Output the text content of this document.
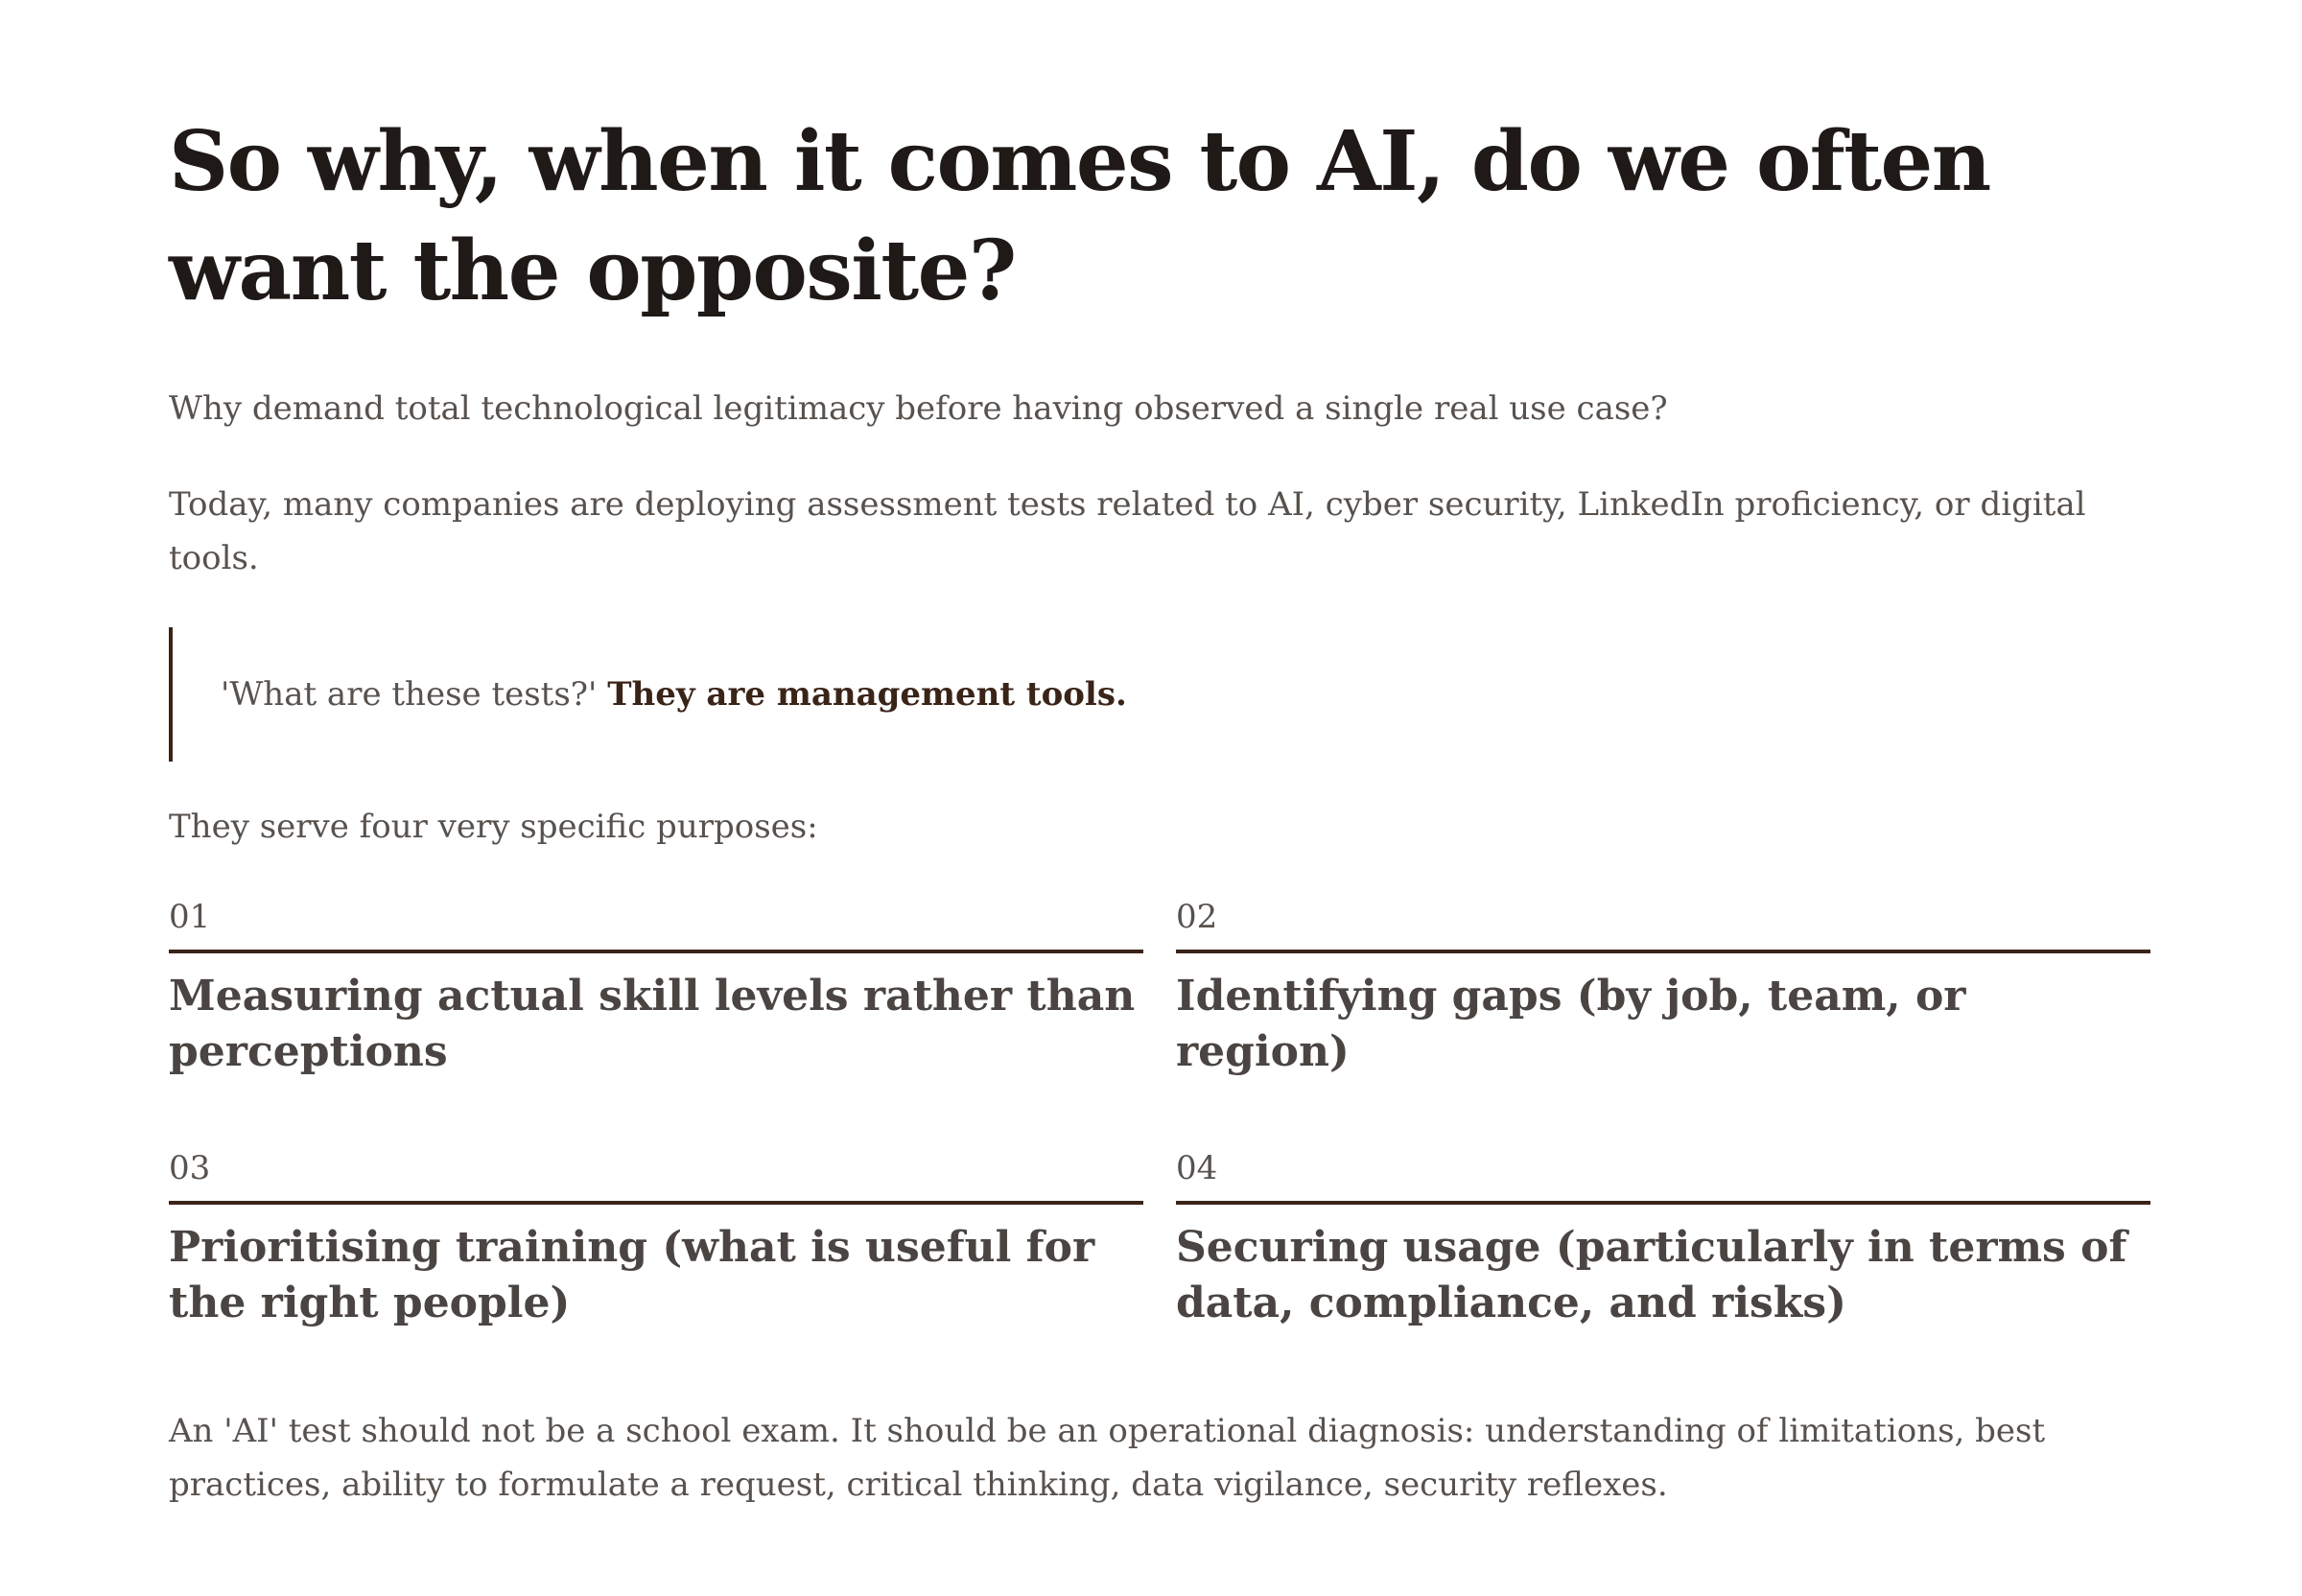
So why, when it comes to AI, do we often want the opposite?

Why demand total technological legitimacy before having observed a single real use case?

Today, many companies are deploying assessment tests related to AI, cyber security, LinkedIn proficiency, or digital tools.

'What are these tests?' They are management tools.

They serve four very specific purposes:

01
Measuring actual skill levels rather than perceptions
02
Identifying gaps (by job, team, or region)
03
Prioritising training (what is useful for the right people)
04
Securing usage (particularly in terms of data, compliance, and risks)

An 'AI' test should not be a school exam. It should be an operational diagnosis: understanding of limitations, best practices, ability to formulate a request, critical thinking, data vigilance, security reflexes.
